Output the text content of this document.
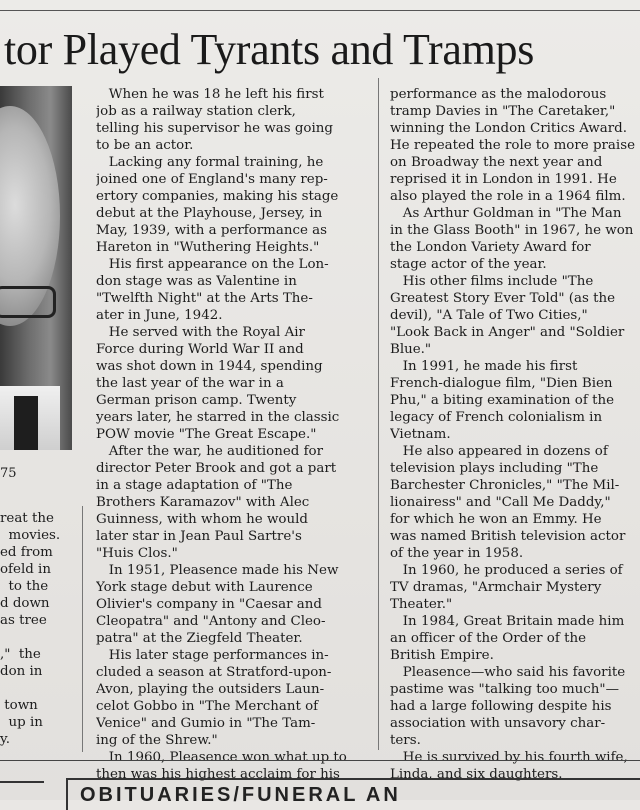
tor Played Tyrants and Tramps
75
reat the
movies.
ed from
ofeld in
to the
d down
as tree
,"  the
don in
town
up in
y.
When he was 18 he left his first
job as a railway station clerk,
telling his supervisor he was going
to be an actor.
Lacking any formal training, he
joined one of England's many rep-
ertory companies, making his stage
debut at the Playhouse, Jersey, in
May, 1939, with a performance as
Hareton in "Wuthering Heights."
His first appearance on the Lon-
don stage was as Valentine in
"Twelfth Night" at the Arts The-
ater in June, 1942.
He served with the Royal Air
Force during World War II and
was shot down in 1944, spending
the last year of the war in a
German prison camp. Twenty
years later, he starred in the classic
POW movie "The Great Escape."
After the war, he auditioned for
director Peter Brook and got a part
in a stage adaptation of "The
Brothers Karamazov" with Alec
Guinness, with whom he would
later star in Jean Paul Sartre's
"Huis Clos."
In 1951, Pleasence made his New
York stage debut with Laurence
Olivier's company in "Caesar and
Cleopatra" and "Antony and Cleo-
patra" at the Ziegfeld Theater.
His later stage performances in-
cluded a season at Stratford-upon-
Avon, playing the outsiders Laun-
celot Gobbo in "The Merchant of
Venice" and Gumio in "The Tam-
ing of the Shrew."
In 1960, Pleasence won what up to
then was his highest acclaim for his
performance as the malodorous
tramp Davies in "The Caretaker,"
winning the London Critics Award.
He repeated the role to more praise
on Broadway the next year and
reprised it in London in 1991. He
also played the role in a 1964 film.
As Arthur Goldman in "The Man
in the Glass Booth" in 1967, he won
the London Variety Award for
stage actor of the year.
His other films include "The
Greatest Story Ever Told" (as the
devil), "A Tale of Two Cities,"
"Look Back in Anger" and "Soldier
Blue."
In 1991, he made his first
French-dialogue film, "Dien Bien
Phu," a biting examination of the
legacy of French colonialism in
Vietnam.
He also appeared in dozens of
television plays including "The
Barchester Chronicles," "The Mil-
lionairess" and "Call Me Daddy,"
for which he won an Emmy. He
was named British television actor
of the year in 1958.
In 1960, he produced a series of
TV dramas, "Armchair Mystery
Theater."
In 1984, Great Britain made him
an officer of the Order of the
British Empire.
Pleasence—who said his favorite
pastime was "talking too much"—
had a large following despite his
association with unsavory char-
ters.
He is survived by his fourth wife,
Linda, and six daughters.
OBITUARIES/FUNERAL AN
